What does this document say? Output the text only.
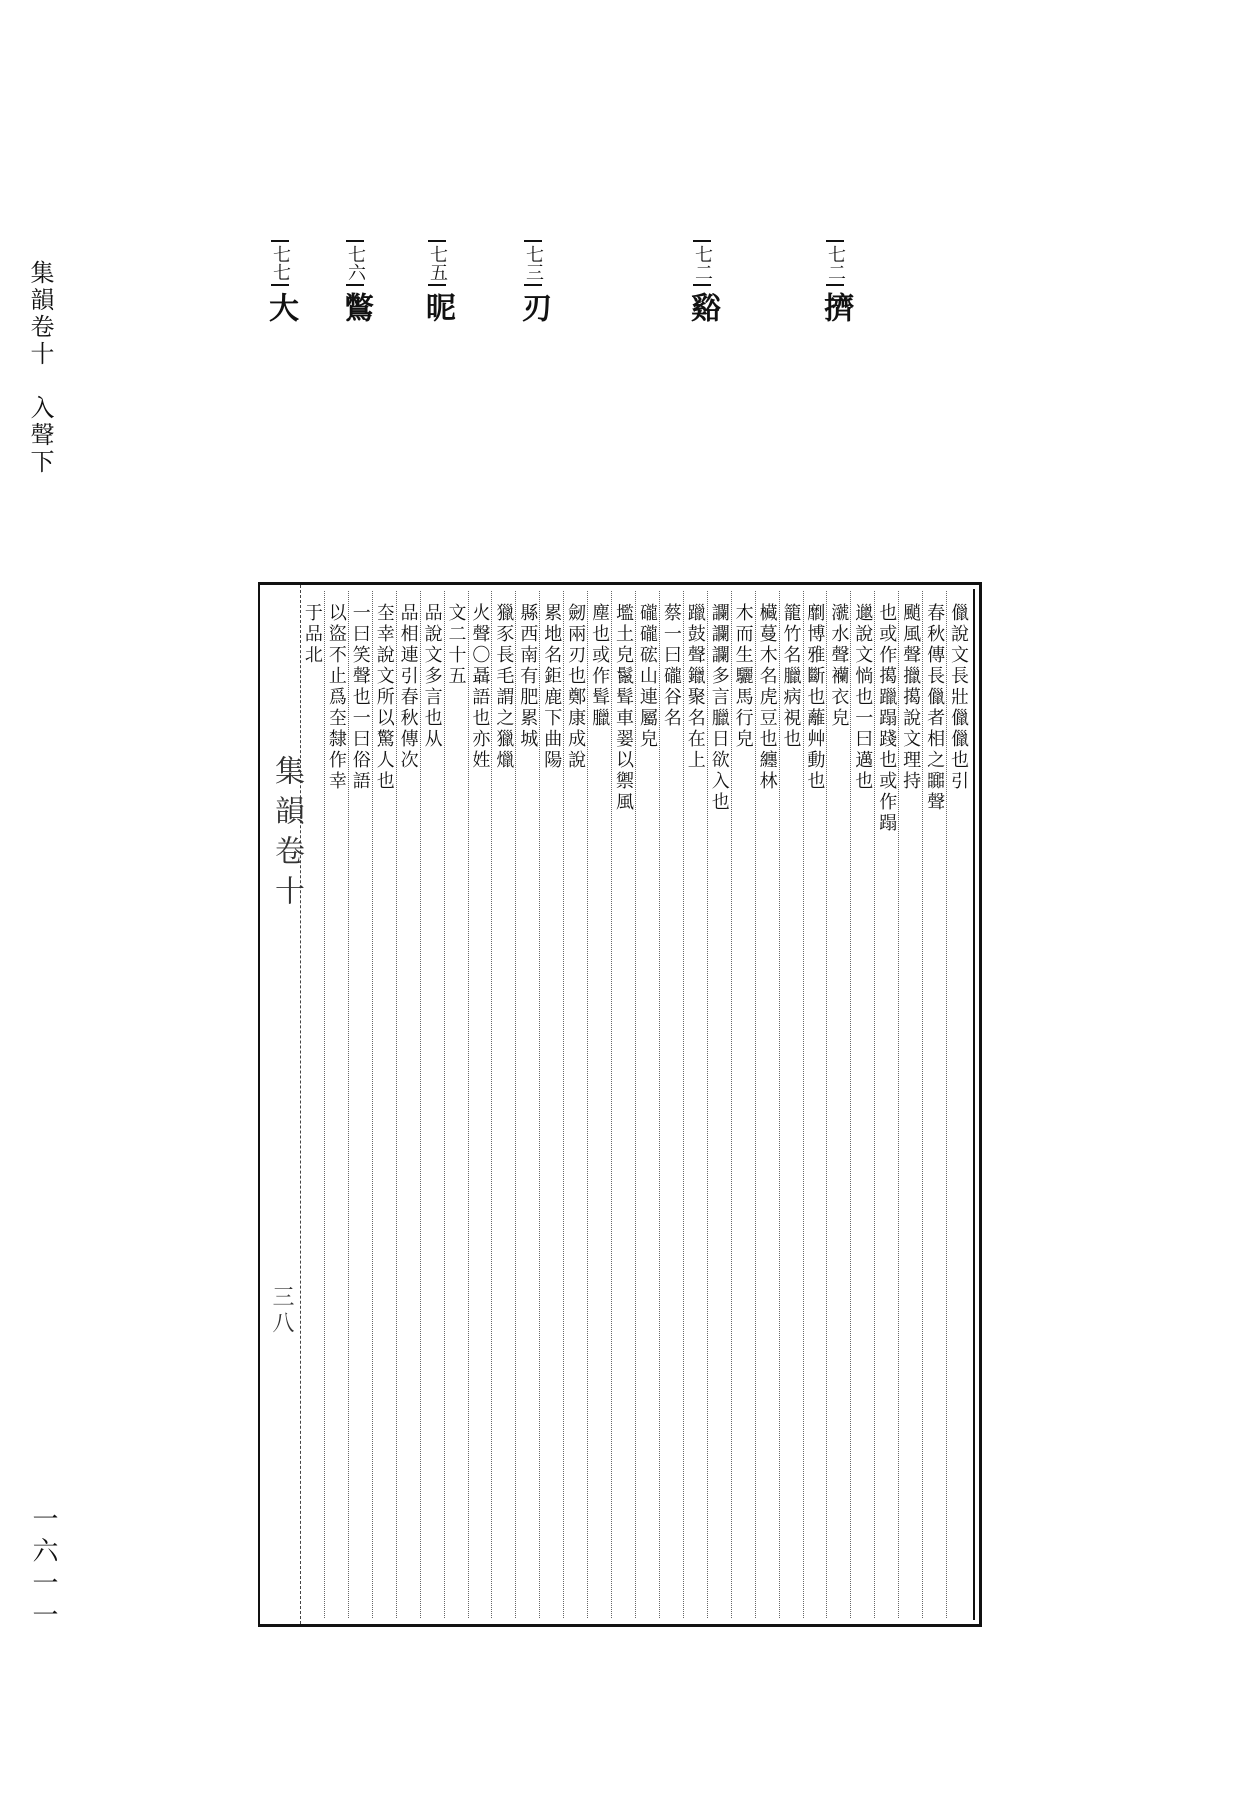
集韻卷十　入聲下
一六一一
七二擠
七二谿
七三刃
七五昵
七六鷩
七七大
集韻卷十
三八
儠說文長壯儠儠也引
春秋傳長儠者相之嚻聲
颵風聲擸擖說文理持
也或作擖躐蹋踐也或作蹋
邋說文惝也一曰邁也
㶁水聲襽衣皃
劘博雅斷也蘺艸動也
籠竹名臘病視也
欌蔓木名虎豆也纏林
木而生驪馬行皃
讕讕讕多言臘日欲入也
躐鼓聲鑞聚名在上
蔡一曰礲谷名
礲礲硡山連屬皃
壏土皃鬣髶車翣以禦風
塵也或作髶臘
劒兩刃也鄭康成說
累地名鉅鹿下曲陽
縣西南有肥累城
獵豕長毛謂之獵爉
火聲〇聶語也亦姓
文二十五
品說文多言也从
品相連引春秋傳次
圶幸說文所以驚人也
一曰笑聲也一曰俗語
以盜不止爲圶隸作幸
于品北
